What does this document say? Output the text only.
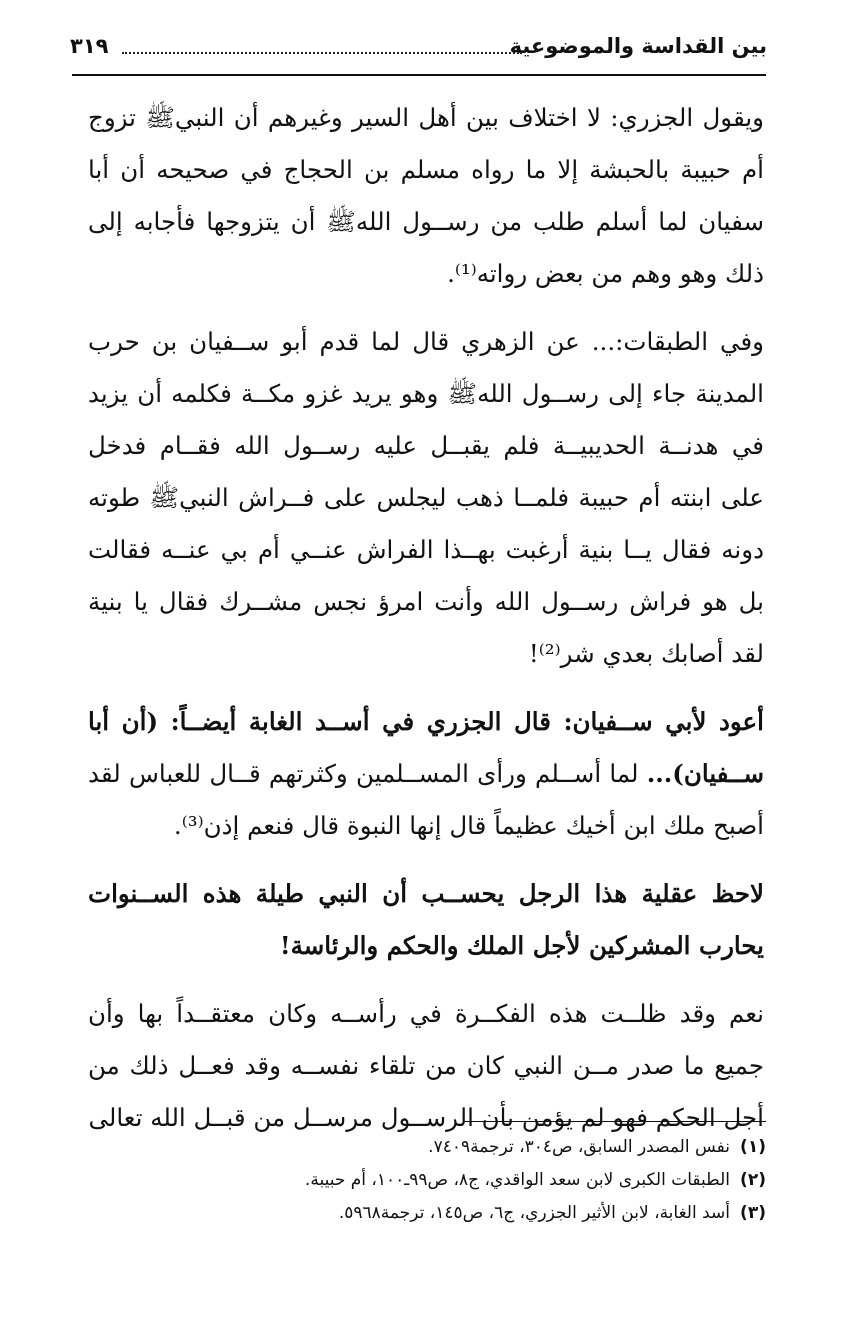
بين القداسة والموضوعية
٣١٩

ويقول الجزري: لا اختلاف بين أهل السير وغيرهم أن النبيﷺ تزوج أم حبيبة بالحبشة إلا ما رواه مسلم بن الحجاج في صحيحه أن أبا سفيان لما أسلم طلب من رســول اللهﷺ أن يتزوجها فأجابه إلى ذلك وهو وهم من بعض رواته⁽¹⁾.

وفي الطبقات:... عن الزهري قال لما قدم أبو ســفيان بن حرب المدينة جاء إلى رســول اللهﷺ وهو يريد غزو مكــة فكلمه أن يزيد في هدنــة الحديبيــة فلم يقبــل عليه رســول الله فقــام فدخل على ابنته أم حبيبة فلمــا ذهب ليجلس على فــراش النبيﷺ طوته دونه فقال يــا بنية أرغبت بهــذا الفراش عنــي أم بي عنــه فقالت بل هو فراش رســول الله وأنت امرؤ نجس مشــرك فقال يا بنية لقد أصابك بعدي شر⁽²⁾!

أعود لأبي ســفيان: قال الجزري في أســد الغابة أيضــاً: (أن أبا ســفيان)... لما أســلم ورأى المســلمين وكثرتهم قــال للعباس لقد أصبح ملك ابن أخيك عظيماً قال إنها النبوة قال فنعم إذن⁽³⁾.

لاحظ عقلية هذا الرجل يحســب أن النبي طيلة هذه الســنوات يحارب المشركين لأجل الملك والحكم والرئاسة!

نعم وقد ظلــت هذه الفكــرة في رأســه وكان معتقــداً بها وأن جميع ما صدر مــن النبي كان من تلقاء نفســه وقد فعــل ذلك من أجل الحكم فهو لم يؤمن بأن الرســول مرســل من قبــل الله تعالى

(١)نفس المصدر السابق، ص٣٠٤، ترجمة٧٤٠٩.
(٢)الطبقات الكبرى لابن سعد الواقدي، ج٨، ص٩٩ـ١٠٠، أم حبيبة.
(٣)أسد الغابة، لابن الأثير الجزري، ج٦، ص١٤٥، ترجمة٥٩٦٨.
